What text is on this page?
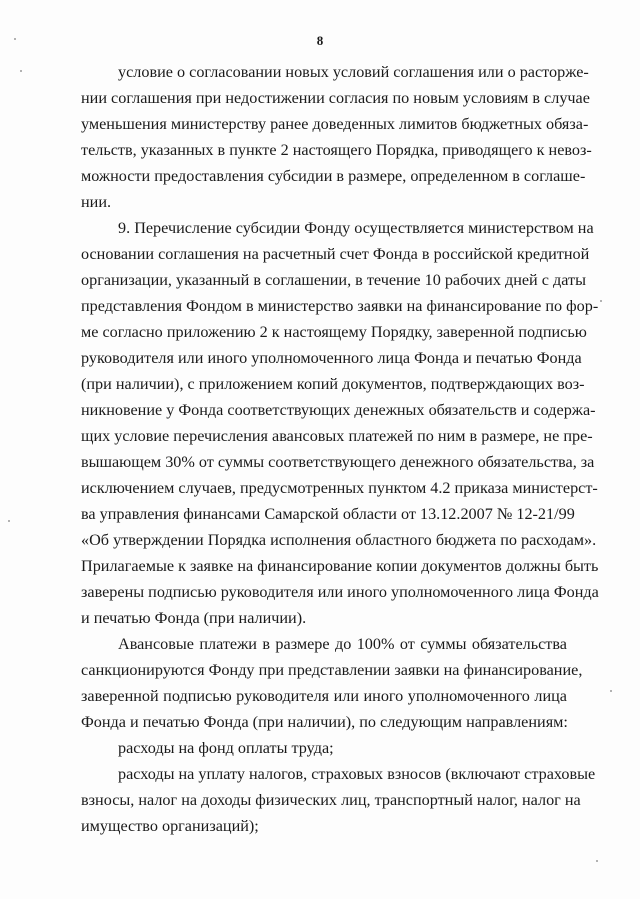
8
условие о согласовании новых условий соглашения или о расторже-
нии соглашения при недостижении согласия по новым условиям в случае
уменьшения министерству ранее доведенных лимитов бюджетных обяза-
тельств, указанных в пункте 2 настоящего Порядка, приводящего к невоз-
можности предоставления субсидии в размере, определенном в соглаше-
нии.
9. Перечисление субсидии Фонду осуществляется министерством на
основании соглашения на расчетный счет Фонда в российской кредитной
организации, указанный в соглашении, в течение 10 рабочих дней с даты
представления Фондом в министерство заявки на финансирование по фор-
ме согласно приложению 2 к настоящему Порядку, заверенной подписью
руководителя или иного уполномоченного лица Фонда и печатью Фонда
(при наличии), с приложением копий документов, подтверждающих воз-
никновение у Фонда соответствующих денежных обязательств и содержа-
щих условие перечисления авансовых платежей по ним в размере, не пре-
вышающем 30% от суммы соответствующего денежного обязательства, за
исключением случаев, предусмотренных пунктом 4.2 приказа министерст-
ва управления финансами Самарской области от 13.12.2007 № 12-21/99
«Об утверждении Порядка исполнения областного бюджета по расходам».
Прилагаемые к заявке на финансирование копии документов должны быть
заверены подписью руководителя или иного уполномоченного лица Фонда
и печатью Фонда (при наличии).
Авансовые платежи в размере до 100% от суммы обязательства
санкционируются Фонду при представлении заявки на финансирование,
заверенной подписью руководителя или иного уполномоченного лица
Фонда и печатью Фонда (при наличии), по следующим направлениям:
расходы на фонд оплаты труда;
расходы на уплату налогов, страховых взносов (включают страховые
взносы, налог на доходы физических лиц, транспортный налог, налог на
имущество организаций);
